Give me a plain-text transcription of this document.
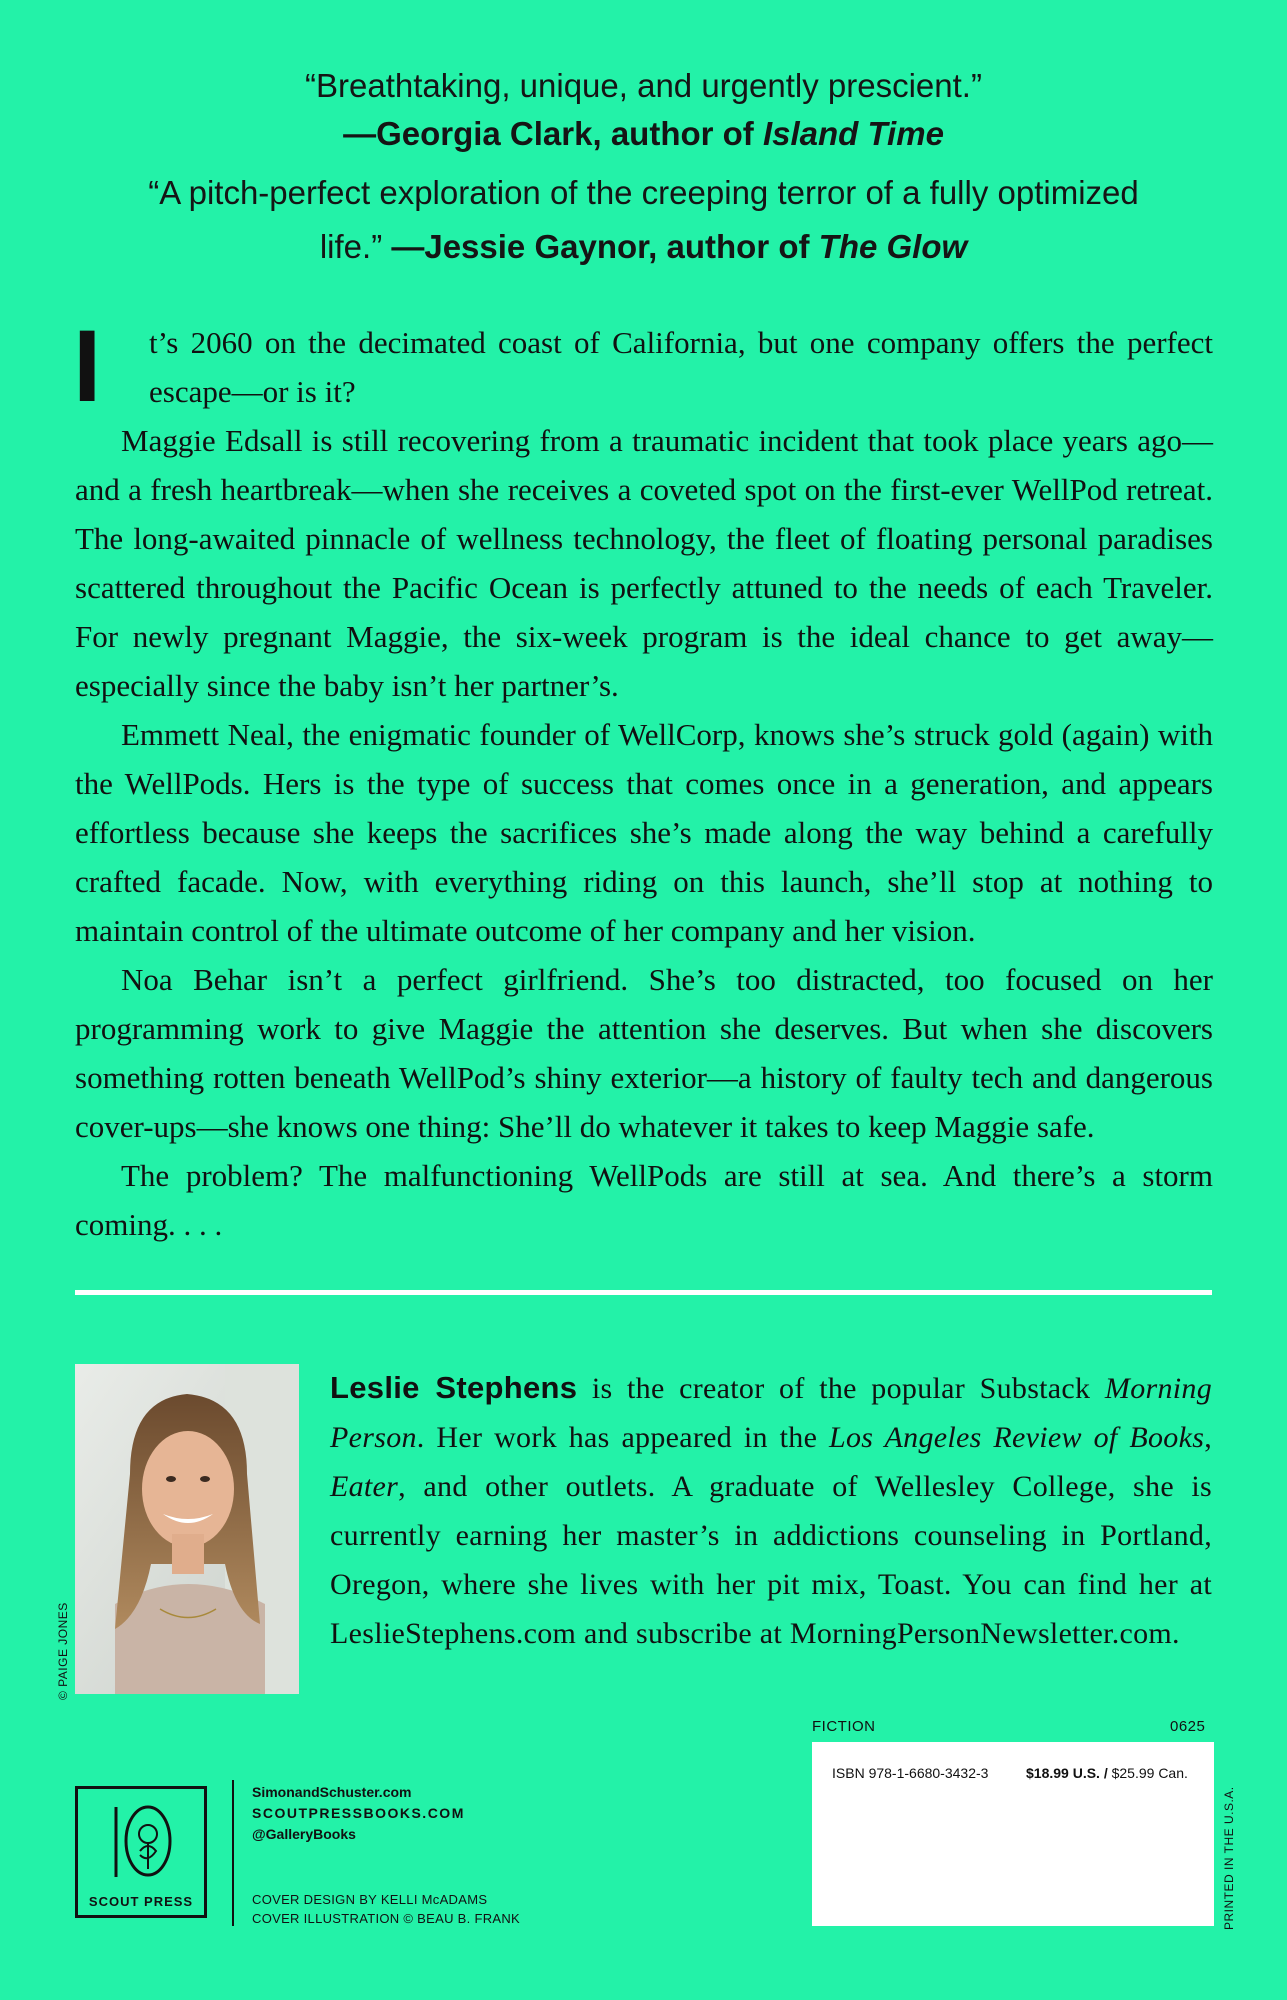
“Breathtaking, unique, and urgently prescient.”
—Georgia Clark, author of Island Time
“A pitch-perfect exploration of the creeping terror of a fully optimized life.” —Jessie Gaynor, author of The Glow

I	t’s 2060 on the decimated coast of California, but one company offers the perfect escape—or is it?

Maggie Edsall is still recovering from a traumatic incident that took place years ago—and a fresh heartbreak—when she receives a coveted spot on the first-ever WellPod retreat. The long-awaited pinnacle of wellness technology, the fleet of floating personal paradises scattered throughout the Pacific Ocean is perfectly attuned to the needs of each Traveler. For newly pregnant Maggie, the six-week program is the ideal chance to get away—especially since the baby isn’t her partner’s.

Emmett Neal, the enigmatic founder of WellCorp, knows she’s struck gold (again) with the WellPods. Hers is the type of success that comes once in a generation, and appears effortless because she keeps the sacrifices she’s made along the way behind a carefully crafted facade. Now, with everything riding on this launch, she’ll stop at nothing to maintain control of the ultimate outcome of her company and her vision.

Noa Behar isn’t a perfect girlfriend. She’s too distracted, too focused on her programming work to give Maggie the attention she deserves. But when she discovers something rotten beneath WellPod’s shiny exterior—a history of faulty tech and dangerous cover-ups—she knows one thing: She’ll do whatever it takes to keep Maggie safe.

The problem? The malfunctioning WellPods are still at sea. And there’s a storm coming. . . .

© PAIGE JONES
Leslie Stephens is the creator of the popular Substack Morning Person. Her work has appeared in the Los Angeles Review of Books, Eater, and other outlets. A graduate of Wellesley College, she is currently earning her master’s in addictions counseling in Portland, Oregon, where she lives with her pit mix, Toast. You can find her at LeslieStephens.com and subscribe at MorningPersonNewsletter.com.
SCOUT PRESS
SimonandSchuster.com
SCOUTPRESSBOOKS.COM
@GalleryBooks
COVER DESIGN BY KELLI McADAMS
COVER ILLUSTRATION © BEAU B. FRANK
FICTION	0625
ISBN 978-1-6680-3432-3	$18.99 U.S. / $25.99 Can.
PRINTED IN THE U.S.A.
